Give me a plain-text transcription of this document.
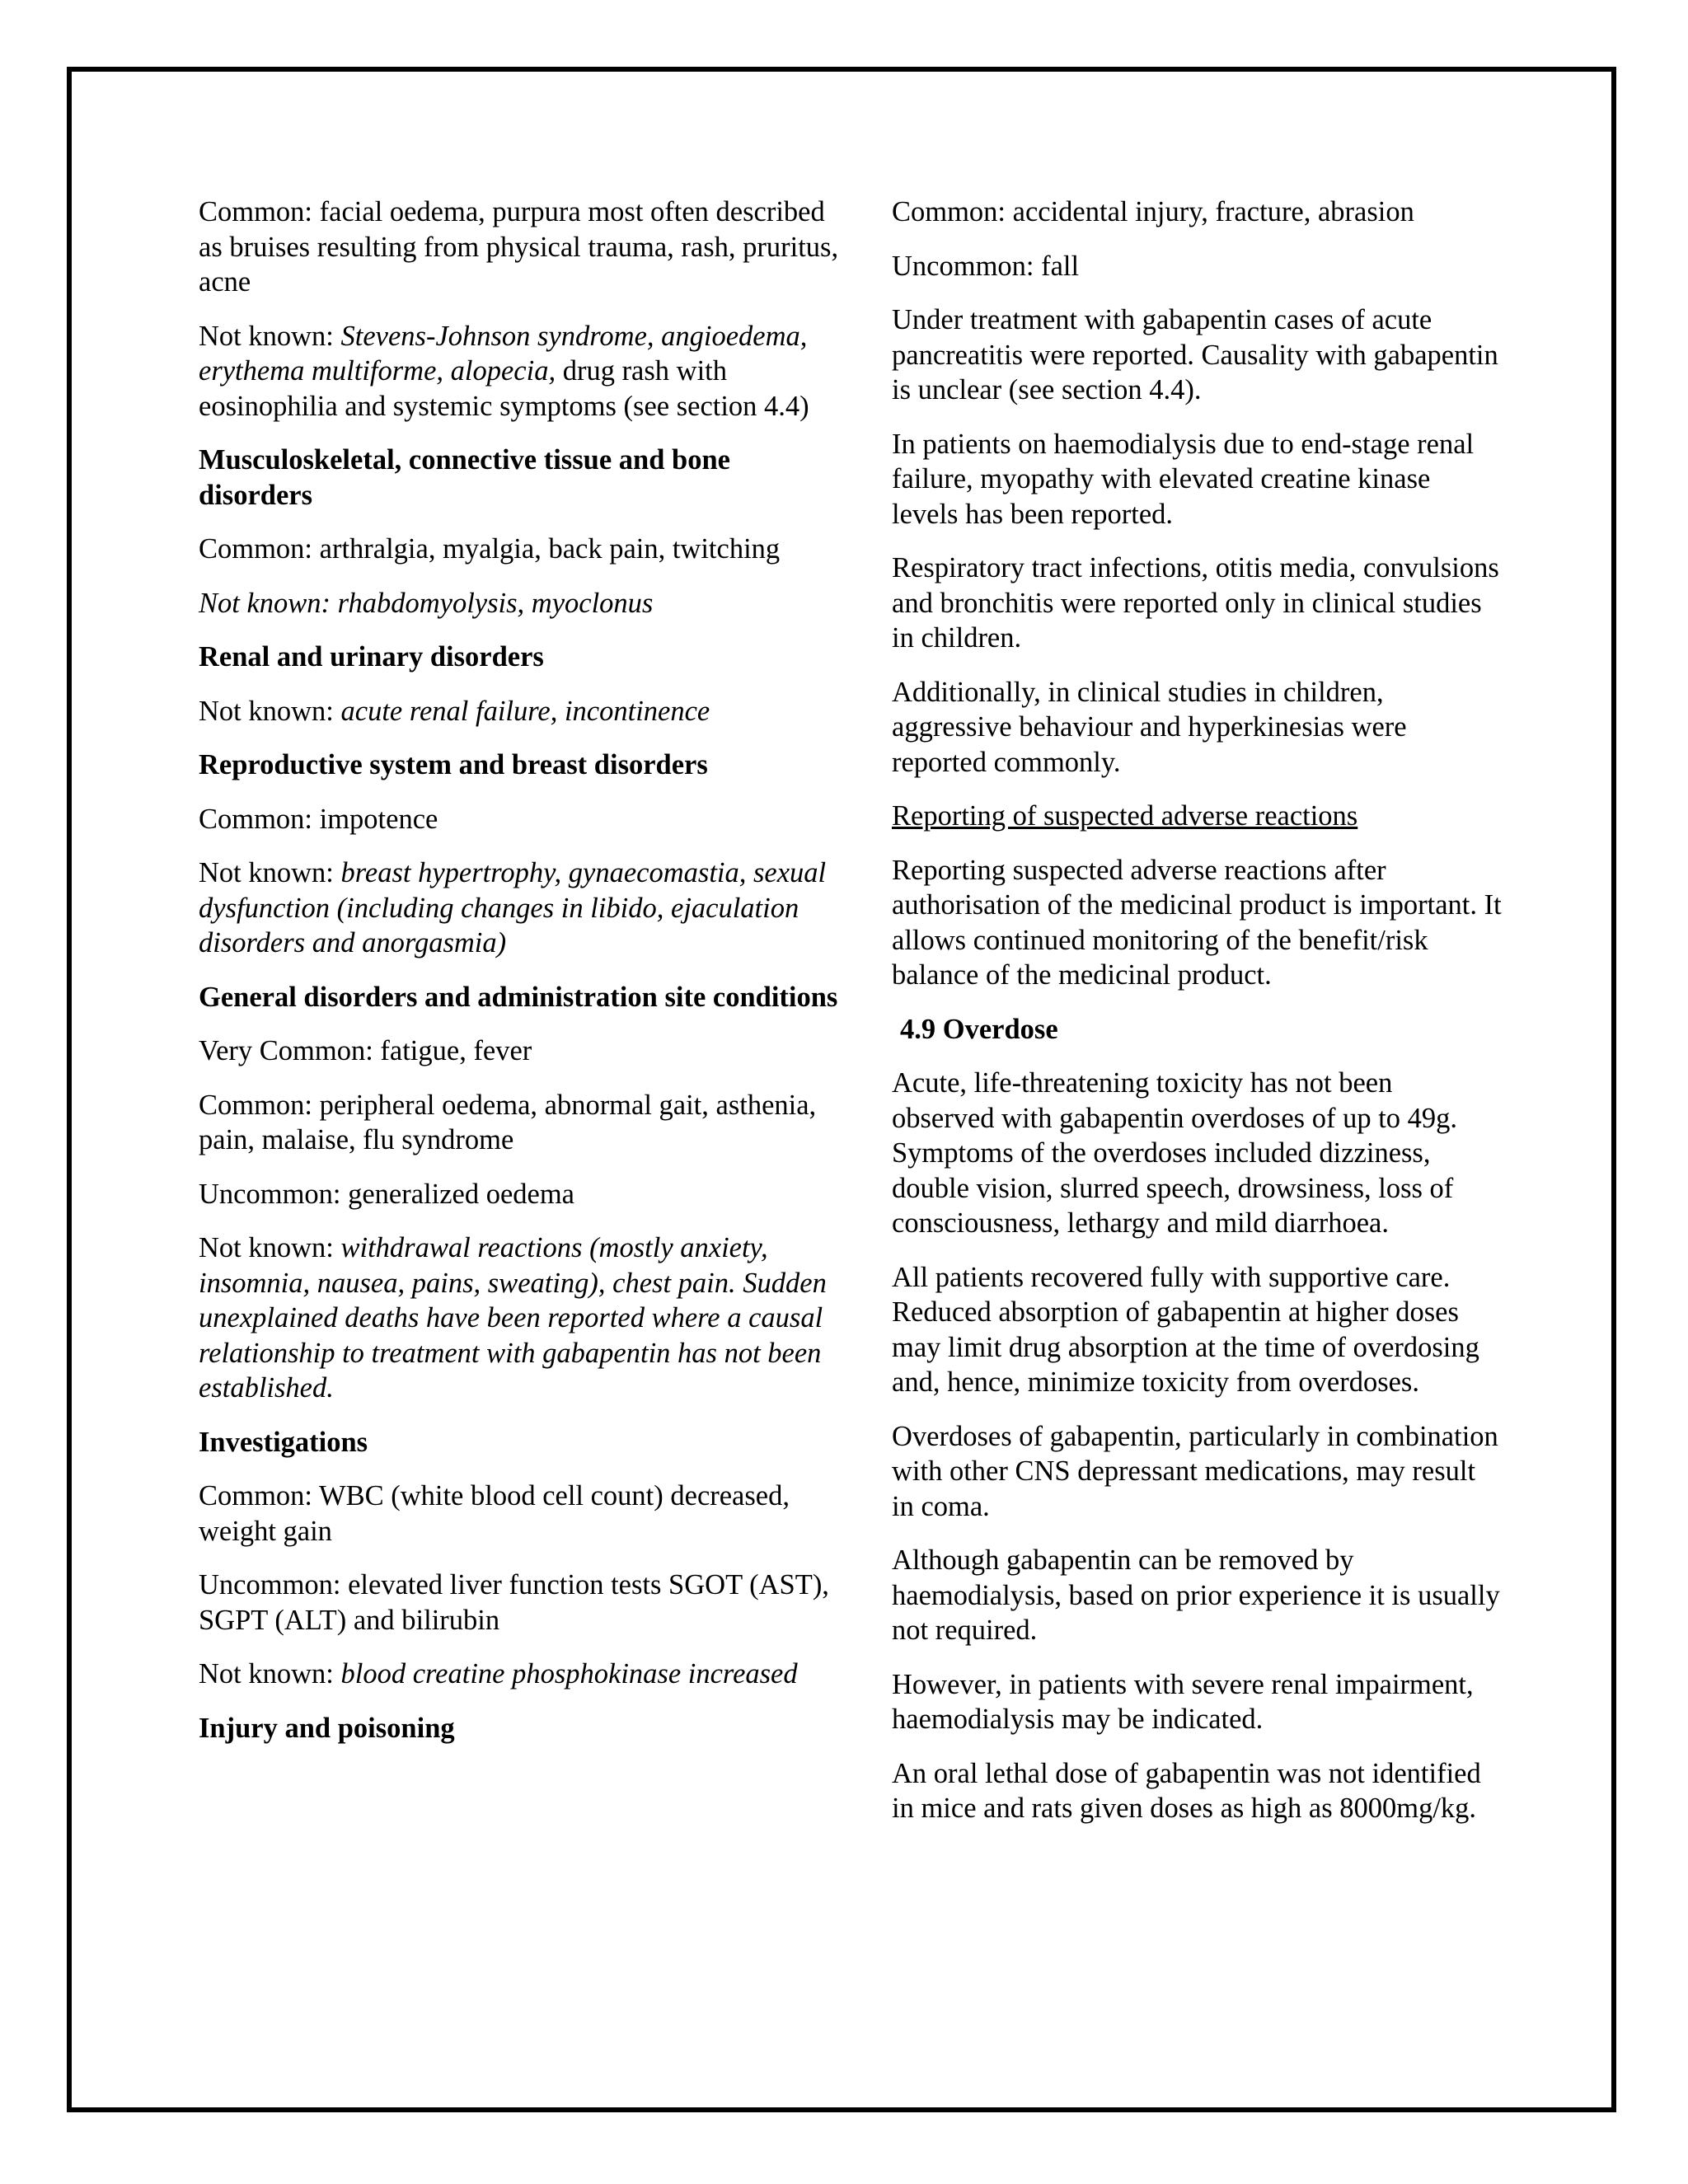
Common: facial oedema, purpura most often described as bruises resulting from physical trauma, rash, pruritus, acne

Not known: Stevens-Johnson syndrome, angioedema, erythema multiforme, alopecia, drug rash with eosinophilia and systemic symptoms (see section 4.4)

Musculoskeletal, connective tissue and bone disorders

Common: arthralgia, myalgia, back pain, twitching

Not known: rhabdomyolysis, myoclonus

Renal and urinary disorders

Not known: acute renal failure, incontinence

Reproductive system and breast disorders

Common: impotence

Not known: breast hypertrophy, gynaecomastia, sexual dysfunction (including changes in libido, ejaculation disorders and anorgasmia)

General disorders and administration site conditions

Very Common: fatigue, fever

Common: peripheral oedema, abnormal gait, asthenia, pain, malaise, flu syndrome

Uncommon: generalized oedema

Not known: withdrawal reactions (mostly anxiety, insomnia, nausea, pains, sweating), chest pain. Sudden unexplained deaths have been reported where a causal relationship to treatment with gabapentin has not been established.

Investigations

Common: WBC (white blood cell count) decreased, weight gain

Uncommon: elevated liver function tests SGOT (AST), SGPT (ALT) and bilirubin

Not known: blood creatine phosphokinase increased

Injury and poisoning

Common: accidental injury, fracture, abrasion

Uncommon: fall

Under treatment with gabapentin cases of acute pancreatitis were reported. Causality with gabapentin is unclear (see section 4.4).

In patients on haemodialysis due to end-stage renal failure, myopathy with elevated creatine kinase levels has been reported.

Respiratory tract infections, otitis media, convulsions and bronchitis were reported only in clinical studies in children.

Additionally, in clinical studies in children, aggressive behaviour and hyperkinesias were reported commonly.

Reporting of suspected adverse reactions

Reporting suspected adverse reactions after authorisation of the medicinal product is important. It allows continued monitoring of the benefit/risk balance of the medicinal product.

4.9 Overdose

Acute, life-threatening toxicity has not been observed with gabapentin overdoses of up to 49g. Symptoms of the overdoses included dizziness, double vision, slurred speech, drowsiness, loss of consciousness, lethargy and mild diarrhoea.

All patients recovered fully with supportive care. Reduced absorption of gabapentin at higher doses may limit drug absorption at the time of overdosing and, hence, minimize toxicity from overdoses.

Overdoses of gabapentin, particularly in combination with other CNS depressant medications, may result in coma.

Although gabapentin can be removed by haemodialysis, based on prior experience it is usually not required.

However, in patients with severe renal impairment, haemodialysis may be indicated.

An oral lethal dose of gabapentin was not identified in mice and rats given doses as high as 8000mg/kg.
